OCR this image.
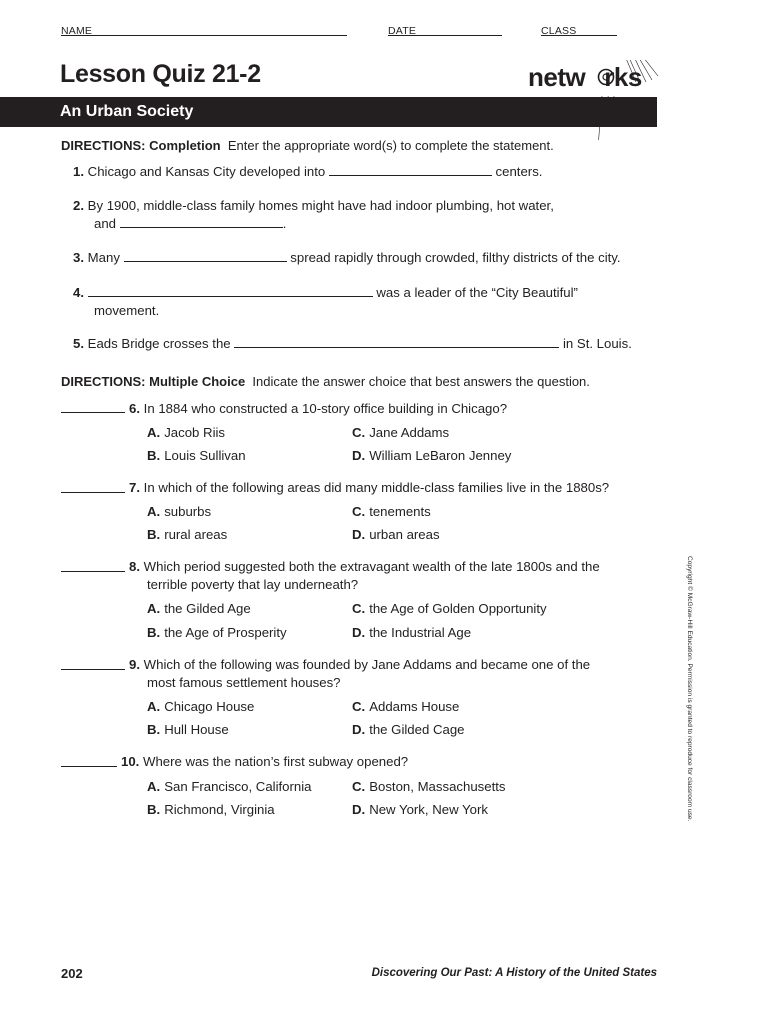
NAME	DATE	CLASS
Lesson Quiz 21-2	netw rks
An Urban Society
DIRECTIONS: Completion Enter the appropriate word(s) to complete the statement.
1. Chicago and Kansas City developed into	centers.
2. By 1900, middle-class family homes might have had indoor plumbing, hot water,
and	.
3. Many	spread rapidly through crowded, filthy districts of the city.
4.	was a leader of the “City Beautiful”
movement.
5. Eads Bridge crosses the	in St. Louis.
DIRECTIONS: Multiple Choice Indicate the answer choice that best answers the question.
6. In 1884 who constructed a 10-story office building in Chicago?
A. Jacob Riis
B. Louis Sullivan
C. Jane Addams
D. William LeBaron Jenney
7. In which of the following areas did many middle-class families live in the 1880s?
A. suburbs
B. rural areas
C. tenements
D. urban areas
8. Which period suggested both the extravagant wealth of the late 1800s and the
terrible poverty that lay underneath?
A. the Gilded Age
B. the Age of Prosperity
C. the Age of Golden Opportunity
D. the Industrial Age
9. Which of the following was founded by Jane Addams and became one of the
most famous settlement houses?
A. Chicago House
B. Hull House
C. Addams House
D. the Gilded Cage
10. Where was the nation’s first subway opened?
A. San Francisco, California
B. Richmond, Virginia
C. Boston, Massachusetts
D. New York, New York	Copyright © McGraw-Hill Education. Permission is granted to reproduce for classroom use.
202	Discovering Our Past: A History of the United States
